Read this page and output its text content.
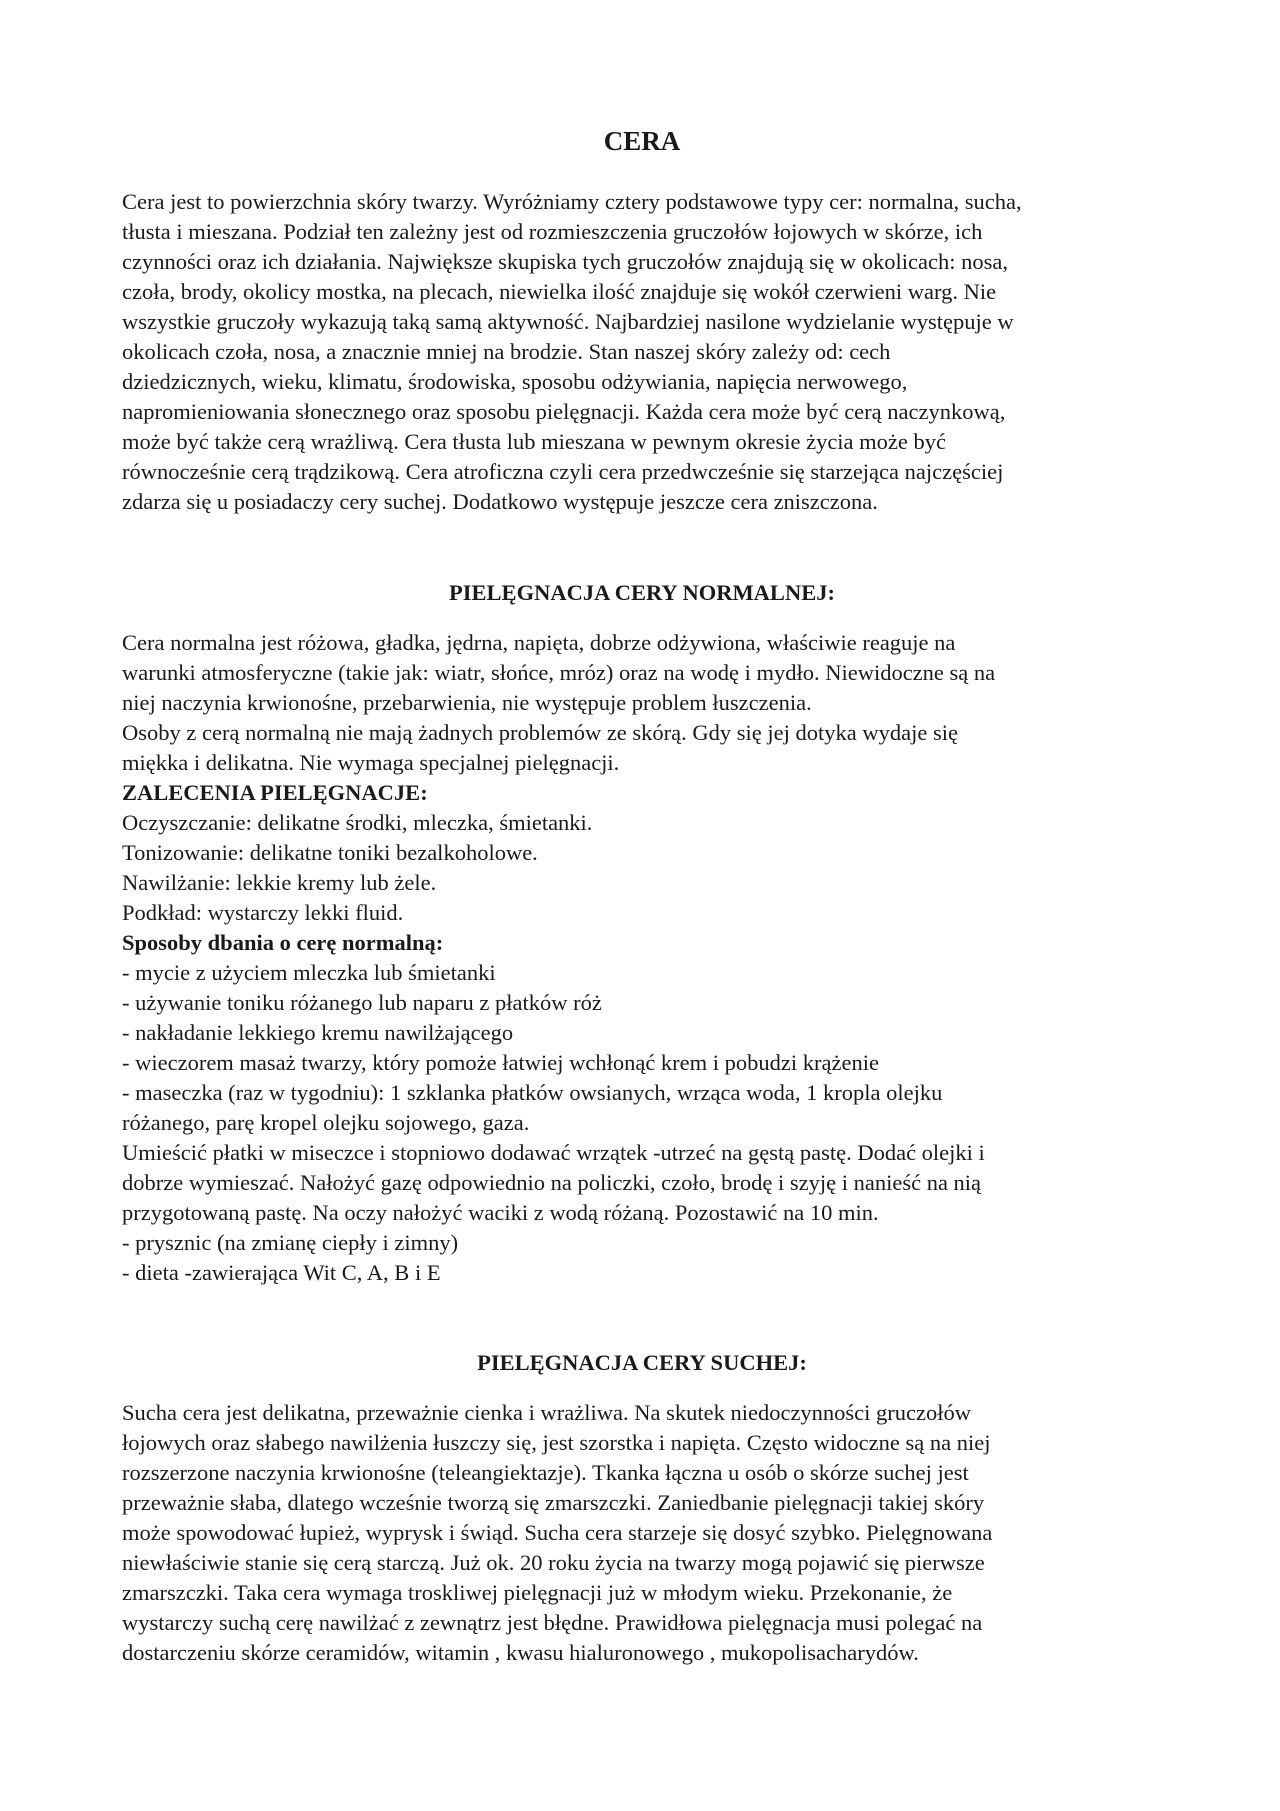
CERA

Cera jest to powierzchnia skóry twarzy. Wyróżniamy cztery podstawowe typy cer: normalna, sucha,

tłusta i mieszana. Podział ten zależny jest od rozmieszczenia gruczołów łojowych w skórze, ich

czynności oraz ich działania. Największe skupiska tych gruczołów znajdują się w okolicach: nosa,

czoła, brody, okolicy mostka, na plecach, niewielka ilość znajduje się wokół czerwieni warg. Nie

wszystkie gruczoły wykazują taką samą aktywność. Najbardziej nasilone wydzielanie występuje w

okolicach czoła, nosa, a znacznie mniej na brodzie. Stan naszej skóry zależy od: cech

dziedzicznych, wieku, klimatu, środowiska, sposobu odżywiania, napięcia nerwowego,

napromieniowania słonecznego oraz sposobu pielęgnacji. Każda cera może być cerą naczynkową,

może być także cerą wrażliwą. Cera tłusta lub mieszana w pewnym okresie życia może być

równocześnie cerą trądzikową. Cera atroficzna czyli cera przedwcześnie się starzejąca najczęściej

zdarza się u posiadaczy cery suchej. Dodatkowo występuje jeszcze cera zniszczona.

PIELĘGNACJA CERY NORMALNEJ:

Cera normalna jest różowa, gładka, jędrna, napięta, dobrze odżywiona, właściwie reaguje na

warunki atmosferyczne (takie jak: wiatr, słońce, mróz) oraz na wodę i mydło. Niewidoczne są na

niej naczynia krwionośne, przebarwienia, nie występuje problem łuszczenia.

Osoby z cerą normalną nie mają żadnych problemów ze skórą. Gdy się jej dotyka wydaje się

miękka i delikatna. Nie wymaga specjalnej pielęgnacji.

ZALECENIA PIELĘGNACJE:

Oczyszczanie: delikatne środki, mleczka, śmietanki.

Tonizowanie: delikatne toniki bezalkoholowe.

Nawilżanie: lekkie kremy lub żele.

Podkład: wystarczy lekki fluid.

Sposoby dbania o cerę normalną:

- mycie z użyciem mleczka lub śmietanki

- używanie toniku różanego lub naparu z płatków róż

- nakładanie lekkiego kremu nawilżającego

- wieczorem masaż twarzy, który pomoże łatwiej wchłonąć krem i pobudzi krążenie

- maseczka (raz w tygodniu): 1 szklanka płatków owsianych, wrząca woda, 1 kropla olejku

różanego, parę kropel olejku sojowego, gaza.

Umieścić płatki w miseczce i stopniowo dodawać wrzątek -utrzeć na gęstą pastę. Dodać olejki i

dobrze wymieszać. Nałożyć gazę odpowiednio na policzki, czoło, brodę i szyję i nanieść na nią

przygotowaną pastę. Na oczy nałożyć waciki z wodą różaną. Pozostawić na 10 min.

- prysznic (na zmianę ciepły i zimny)

- dieta -zawierająca Wit C, A, B i E

PIELĘGNACJA CERY SUCHEJ:

Sucha cera jest delikatna, przeważnie cienka i wrażliwa. Na skutek niedoczynności gruczołów

łojowych oraz słabego nawilżenia łuszczy się, jest szorstka i napięta. Często widoczne są na niej

rozszerzone naczynia krwionośne (teleangiektazje). Tkanka łączna u osób o skórze suchej jest

przeważnie słaba, dlatego wcześnie tworzą się zmarszczki. Zaniedbanie pielęgnacji takiej skóry

może spowodować łupież, wyprysk i świąd. Sucha cera starzeje się dosyć szybko. Pielęgnowana

niewłaściwie stanie się cerą starczą. Już ok. 20 roku życia na twarzy mogą pojawić się pierwsze

zmarszczki. Taka cera wymaga troskliwej pielęgnacji już w młodym wieku. Przekonanie, że

wystarczy suchą cerę nawilżać z zewnątrz jest błędne. Prawidłowa pielęgnacja musi polegać na

dostarczeniu skórze ceramidów, witamin , kwasu hialuronowego , mukopolisacharydów.
